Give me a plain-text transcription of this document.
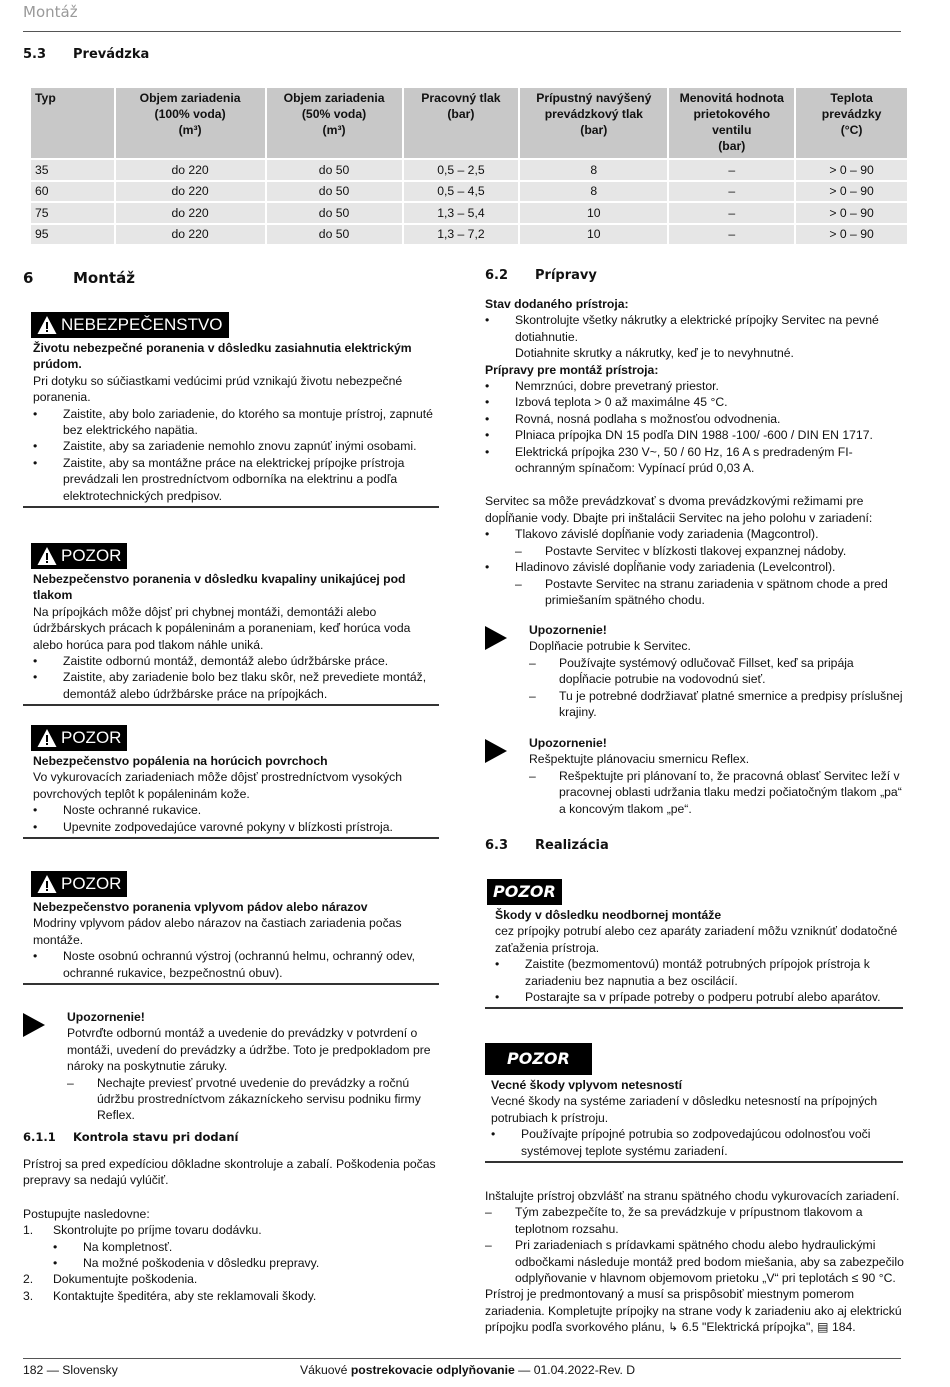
Montáž
5.3 Prevádzka
Typ	Objem zariadenia
(100% voda)
(m³)	Objem zariadenia
(50% voda)
(m³)	Pracovný tlak
(bar)	Prípustný navýšený
prevádzkový tlak
(bar)	Menovitá hodnota
prietokového
ventilu
(bar)	Teplota
prevádzky
(°C)
35	do 220	do 50	0,5 – 2,5	8	–	> 0 – 90
60	do 220	do 50	0,5 – 4,5	8	–	> 0 – 90
75	do 220	do 50	1,3 – 5,4	10	–	> 0 – 90
95	do 220	do 50	1,3 – 7,2	10	–	> 0 – 90
6	Montáž
NEBEZPEČENSTVO

Životu nebezpečné poranenia v dôsledku zasiahnutia elektrickým prúdom.

Pri dotyku so súčiastkami vedúcimi prúd vznikajú životu nebezpečné poranenia.

• Zaistite, aby bolo zariadenie, do ktorého sa montuje prístroj, zapnuté bez elektrického napätia.
• Zaistite, aby sa zariadenie nemohlo znovu zapnúť inými osobami.
• Zaistite, aby sa montážne práce na elektrickej prípojke prístroja prevádzali len prostredníctvom odborníka na elektrinu a podľa elektrotechnických predpisov.
POZOR

Nebezpečenstvo poranenia v dôsledku kvapaliny unikajúcej pod tlakom

Na prípojkách môže dôjsť pri chybnej montáži, demontáži alebo údržbárskych prácach k popáleninám a poraneniam, keď horúca voda alebo horúca para pod tlakom náhle uniká.

• Zaistite odbornú montáž, demontáž alebo údržbárske práce.
• Zaistite, aby zariadenie bolo bez tlaku skôr, než prevediete montáž, demontáž alebo údržbárske práce na prípojkách.
POZOR

Nebezpečenstvo popálenia na horúcich povrchoch

Vo vykurovacích zariadeniach môže dôjsť prostredníctvom vysokých povrchových teplôt k popáleninám kože.

• Noste ochranné rukavice.
• Upevnite zodpovedajúce varovné pokyny v blízkosti prístroja.
POZOR

Nebezpečenstvo poranenia vplyvom pádov alebo nárazov

Modriny vplyvom pádov alebo nárazov na častiach zariadenia počas montáže.

• Noste osobnú ochrannú výstroj (ochrannú helmu, ochranný odev, ochranné rukavice, bezpečnostnú obuv).

Upozornenie!

Potvrďte odbornú montáž a uvedenie do prevádzky v potvrdení o montáži, uvedení do prevádzky a údržbe. Toto je predpokladom pre nároky na poskytnutie záruky.

– Nechajte previesť prvotné uvedenie do prevádzky a ročnú údržbu prostredníctvom zákazníckeho servisu podniku firmy Reflex.
6.1.1 Kontrola stavu pri dodaní

Prístroj sa pred expedíciou dôkladne skontroluje a zabalí. Poškodenia počas prepravy sa nedajú vylúčiť.

Postupujte nasledovne:

1. Skontrolujte po príjme tovaru dodávku.
• Na kompletnosť.
• Na možné poškodenia v dôsledku prepravy.
2. Dokumentujte poškodenia.
3. Kontaktujte špeditéra, aby ste reklamovali škody.
6.2 Prípravy

Stav dodaného prístroja:

• Skontrolujte všetky nákrutky a elektrické prípojky Servitec na pevné dotiahnutie.
Dotiahnite skrutky a nákrutky, keď je to nevyhnutné.

Prípravy pre montáž prístroja:

• Nemrznúci, dobre prevetraný priestor.
• Izbová teplota > 0 až maximálne 45 °C.
• Rovná, nosná podlaha s možnosťou odvodnenia.
• Plniaca prípojka DN 15 podľa DIN 1988 -100/ -600 / DIN EN 1717.
• Elektrická prípojka 230 V~, 50 / 60 Hz, 16 A s predradeným FI-ochranným spínačom: Vypínací prúd 0,03 A.

Servitec sa môže prevádzkovať s dvoma prevádzkovými režimami pre dopĺňanie vody. Dbajte pri inštalácii Servitec na jeho polohu v zariadení:

• Tlakovo závislé dopĺňanie vody zariadenia (Magcontrol).
– Postavte Servitec v blízkosti tlakovej expanznej nádoby.
• Hladinovo závislé dopĺňanie vody zariadenia (Levelcontrol).
– Postavte Servitec na stranu zariadenia v spätnom chode a pred primiešaním spätného chodu.

Upozornenie!

Doplňacie potrubie k Servitec.

– Používajte systémový odlučovač Fillset, keď sa pripája dopĺňacie potrubie na vodovodnú sieť.
– Tu je potrebné dodržiavať platné smernice a predpisy príslušnej krajiny.

Upozornenie!

Rešpektujte plánovaciu smernicu Reflex.

– Rešpektujte pri plánovaní to, že pracovná oblasť Servitec leží v pracovnej oblasti udržania tlaku medzi počiatočným tlakom „pa“ a koncovým tlakom „pe“.
6.3 Realizácia
POZOR

Škody v dôsledku neodbornej montáže

cez prípojky potrubí alebo cez aparáty zariadení môžu vzniknúť dodatočné zaťaženia prístroja.

• Zaistite (bezmomentovú) montáž potrubných prípojok prístroja k zariadeniu bez napnutia a bez oscilácií.
• Postarajte sa v prípade potreby o podperu potrubí alebo aparátov.
POZOR

Vecné škody vplyvom netesností

Vecné škody na systéme zariadení v dôsledku netesností na prípojných potrubiach k prístroju.

• Používajte prípojné potrubia so zodpovedajúcou odolnosťou voči systémovej teplote systému zariadení.

Inštalujte prístroj obzvlášť na stranu spätného chodu vykurovacích zariadení.

– Tým zabezpečíte to, že sa prevádzkuje v prípustnom tlakovom a teplotnom rozsahu.
– Pri zariadeniach s prídavkami spätného chodu alebo hydraulickými odbočkami následuje montáž pred bodom miešania, aby sa zabezpečilo odplyňovanie v hlavnom objemovom prietoku „V“ pri teplotách ≤ 90 °C.

Prístroj je predmontovaný a musí sa prispôsobiť miestnym pomerom zariadenia. Kompletujte prípojky na strane vody k zariadeniu ako aj elektrickú prípojku podľa svorkového plánu, ↳ 6.5 "Elektrická prípojka", ▤ 184.

182 — Slovensky	Vákuové postrekovacie odplyňovanie — 01.04.2022-Rev. D
